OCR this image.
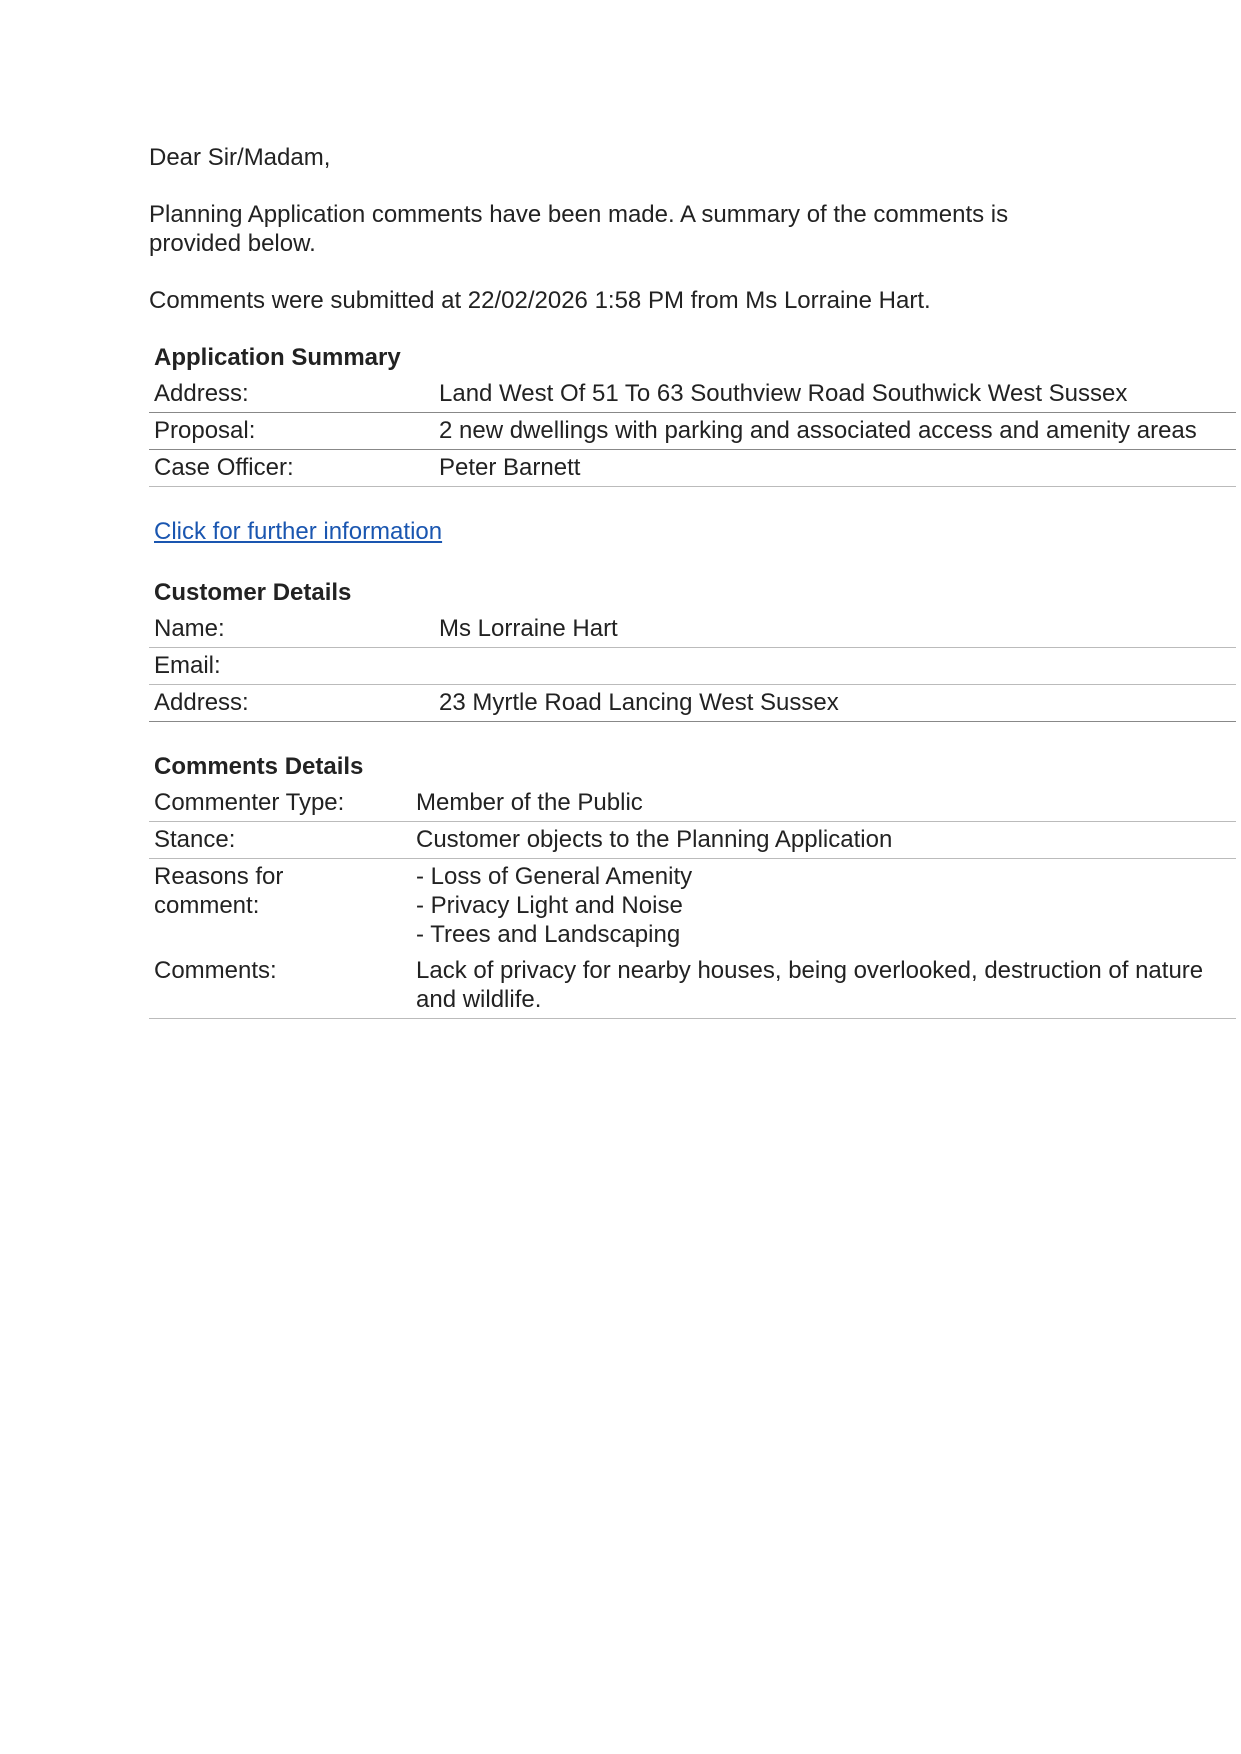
Dear Sir/Madam,

Planning Application comments have been made. A summary of the comments is
provided below.

Comments were submitted at 22/02/2026 1:58 PM from Ms Lorraine Hart.

Application Summary
Address:	Land West Of 51 To 63 Southview Road Southwick West Sussex
Proposal:	2 new dwellings with parking and associated access and amenity areas
Case Officer:	Peter Barnett
Click for further information
Customer Details
Name:	Ms Lorraine Hart
Email:	
Address:	23 Myrtle Road Lancing West Sussex
Comments Details
Commenter Type:	Member of the Public
Stance:	Customer objects to the Planning Application

Reasons for
comment:	- Loss of General Amenity
- Privacy Light and Noise
- Trees and Landscaping

Comments:	Lack of privacy for nearby houses, being overlooked, destruction of nature
and wildlife.
